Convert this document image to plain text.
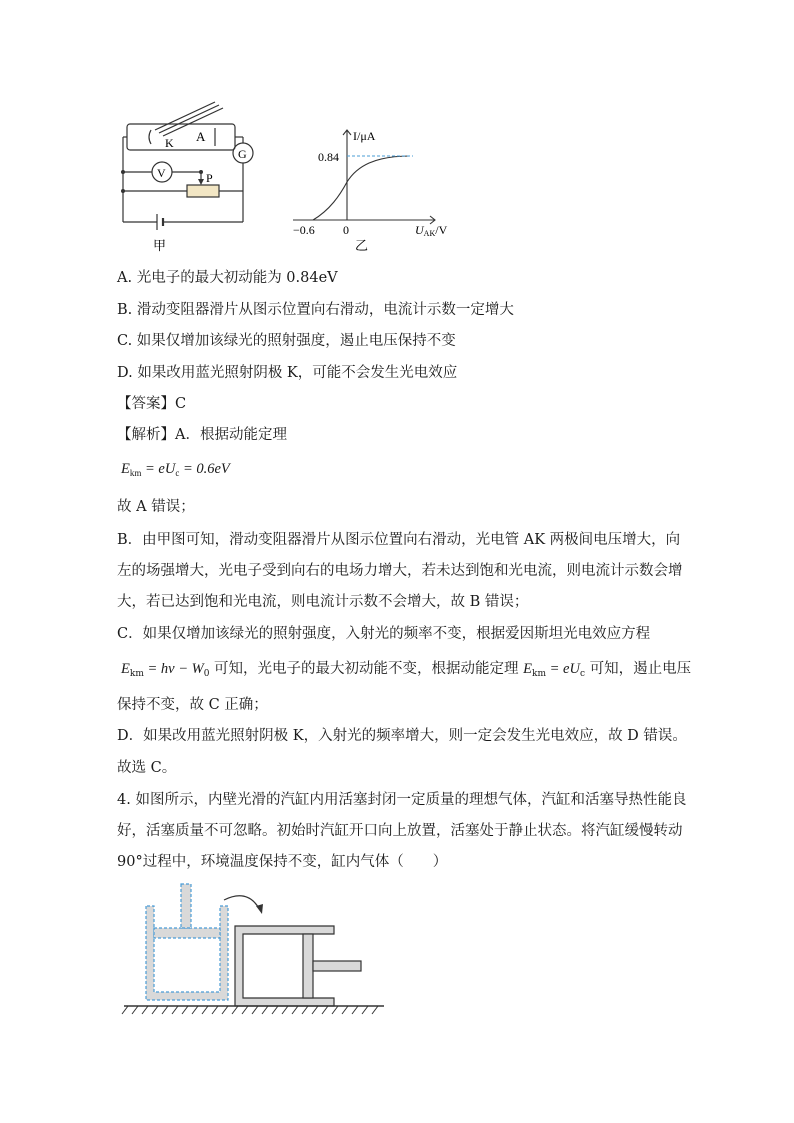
K A
G
V	P
甲
I/μA
0.84
−0.6 0	UAK/V
乙
A. 光电子的最大初动能为 0.84eV
B. 滑动变阻器滑片从图示位置向右滑动，电流计示数一定增大
C. 如果仅增加该绿光的照射强度，遏止电压保持不变
D. 如果改用蓝光照射阴极 K，可能不会发生光电效应
【答案】C
【解析】A．根据动能定理
$E_{km} = eU_c = 0.6eV$
故 A 错误；
B．由甲图可知，滑动变阻器滑片从图示位置向右滑动，光电管 AK 两极间电压增大，向
左的场强增大，光电子受到向右的电场力增大，若未达到饱和光电流，则电流计示数会增
大，若已达到饱和光电流，则电流计示数不会增大，故 B 错误；
C．如果仅增加该绿光的照射强度，入射光的频率不变，根据爱因斯坦光电效应方程
$E_{km} = h\nu - W_0$ 可知，光电子的最大初动能不变，根据动能定理 $E_{km} = eU_c$ 可知，遏止电压
保持不变，故 C 正确；
D．如果改用蓝光照射阴极 K，入射光的频率增大，则一定会发生光电效应，故 D 错误。
故选 C。
4. 如图所示，内壁光滑的汽缸内用活塞封闭一定质量的理想气体，汽缸和活塞导热性能良
好，活塞质量不可忽略。初始时汽缸开口向上放置，活塞处于静止状态。将汽缸缓慢转动
90°过程中，环境温度保持不变，缸内气体（　　）
